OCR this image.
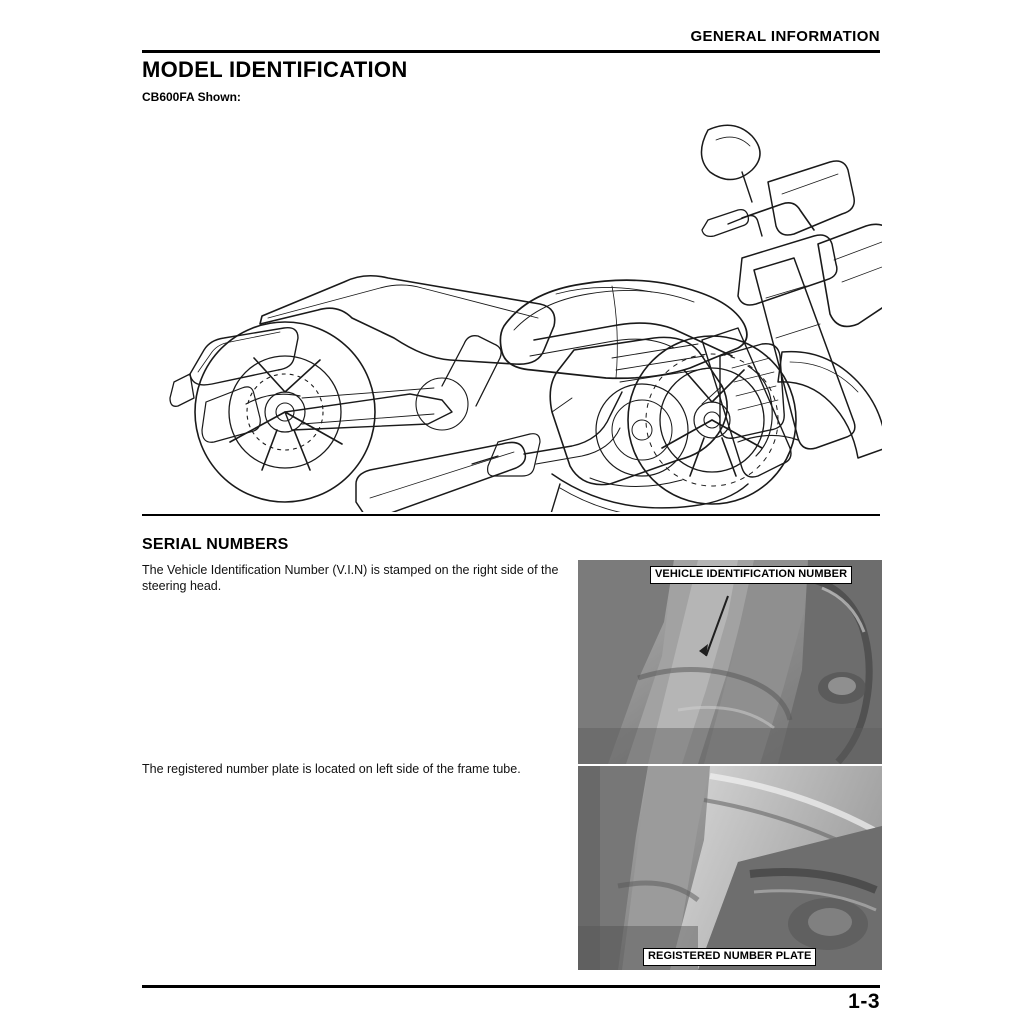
GENERAL INFORMATION
MODEL IDENTIFICATION
CB600FA Shown:
SERIAL NUMBERS
The Vehicle Identification Number (V.I.N) is stamped on the right side of the steering head.
The registered number plate is located on left side of the frame tube.
VEHICLE IDENTIFICATION NUMBER
REGISTERED NUMBER PLATE
1-3
